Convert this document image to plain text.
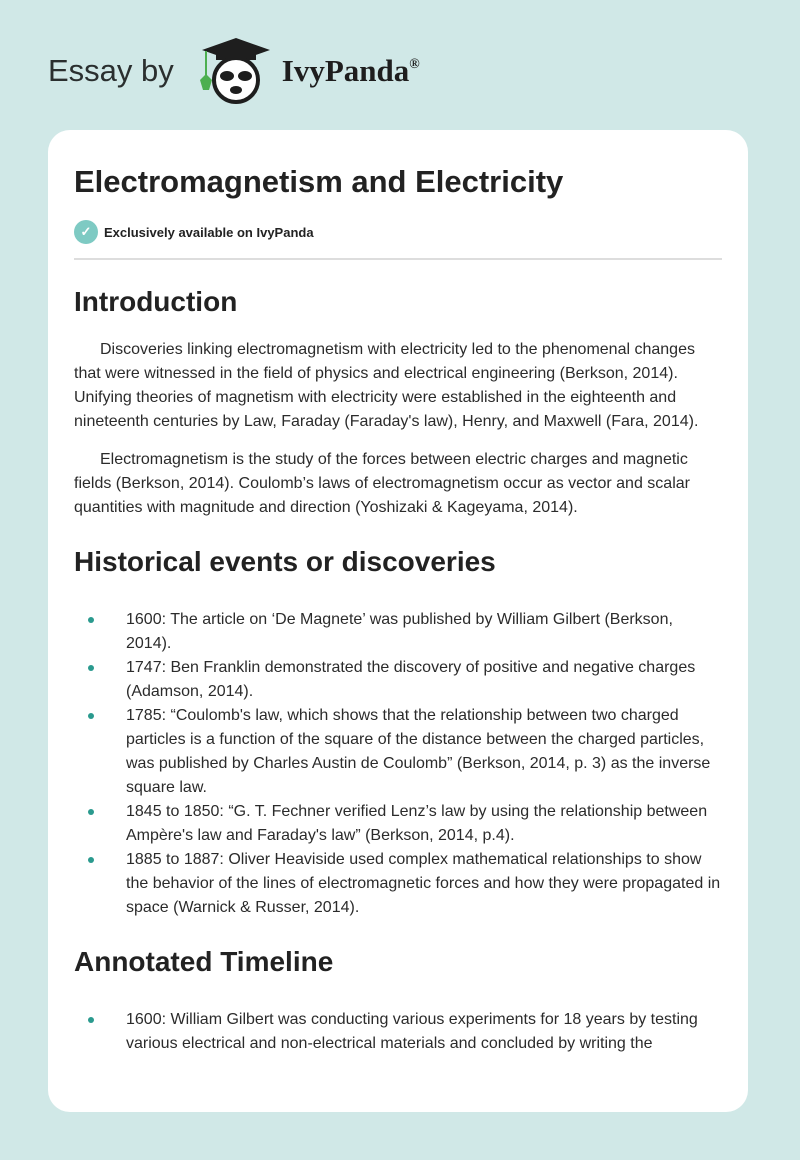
Essay by	IvyPanda®
Electromagnetism and Electricity
✓ Exclusively available on IvyPanda
Introduction

Discoveries linking electromagnetism with electricity led to the phenomenal changes that were witnessed in the field of physics and electrical engineering (Berkson, 2014). Unifying theories of magnetism with electricity were established in the eighteenth and nineteenth centuries by Law, Faraday (Faraday's law), Henry, and Maxwell (Fara, 2014).

Electromagnetism is the study of the forces between electric charges and magnetic fields (Berkson, 2014). Coulomb’s laws of electromagnetism occur as vector and scalar quantities with magnitude and direction (Yoshizaki & Kageyama, 2014).

Historical events or discoveries
1600: The article on ‘De Magnete’ was published by William Gilbert (Berkson, 2014).
1747: Ben Franklin demonstrated the discovery of positive and negative charges (Adamson, 2014).
1785: “Coulomb's law, which shows that the relationship between two charged particles is a function of the square of the distance between the charged particles, was published by Charles Austin de Coulomb” (Berkson, 2014, p. 3) as the inverse square law.
1845 to 1850: “G. T. Fechner verified Lenz’s law by using the relationship between Ampère's law and Faraday's law” (Berkson, 2014, p.4).
1885 to 1887: Oliver Heaviside used complex mathematical relationships to show the behavior of the lines of electromagnetic forces and how they were propagated in space (Warnick & Russer, 2014).
Annotated Timeline
1600: William Gilbert was conducting various experiments for 18 years by testing various electrical and non-electrical materials and concluded by writing the
